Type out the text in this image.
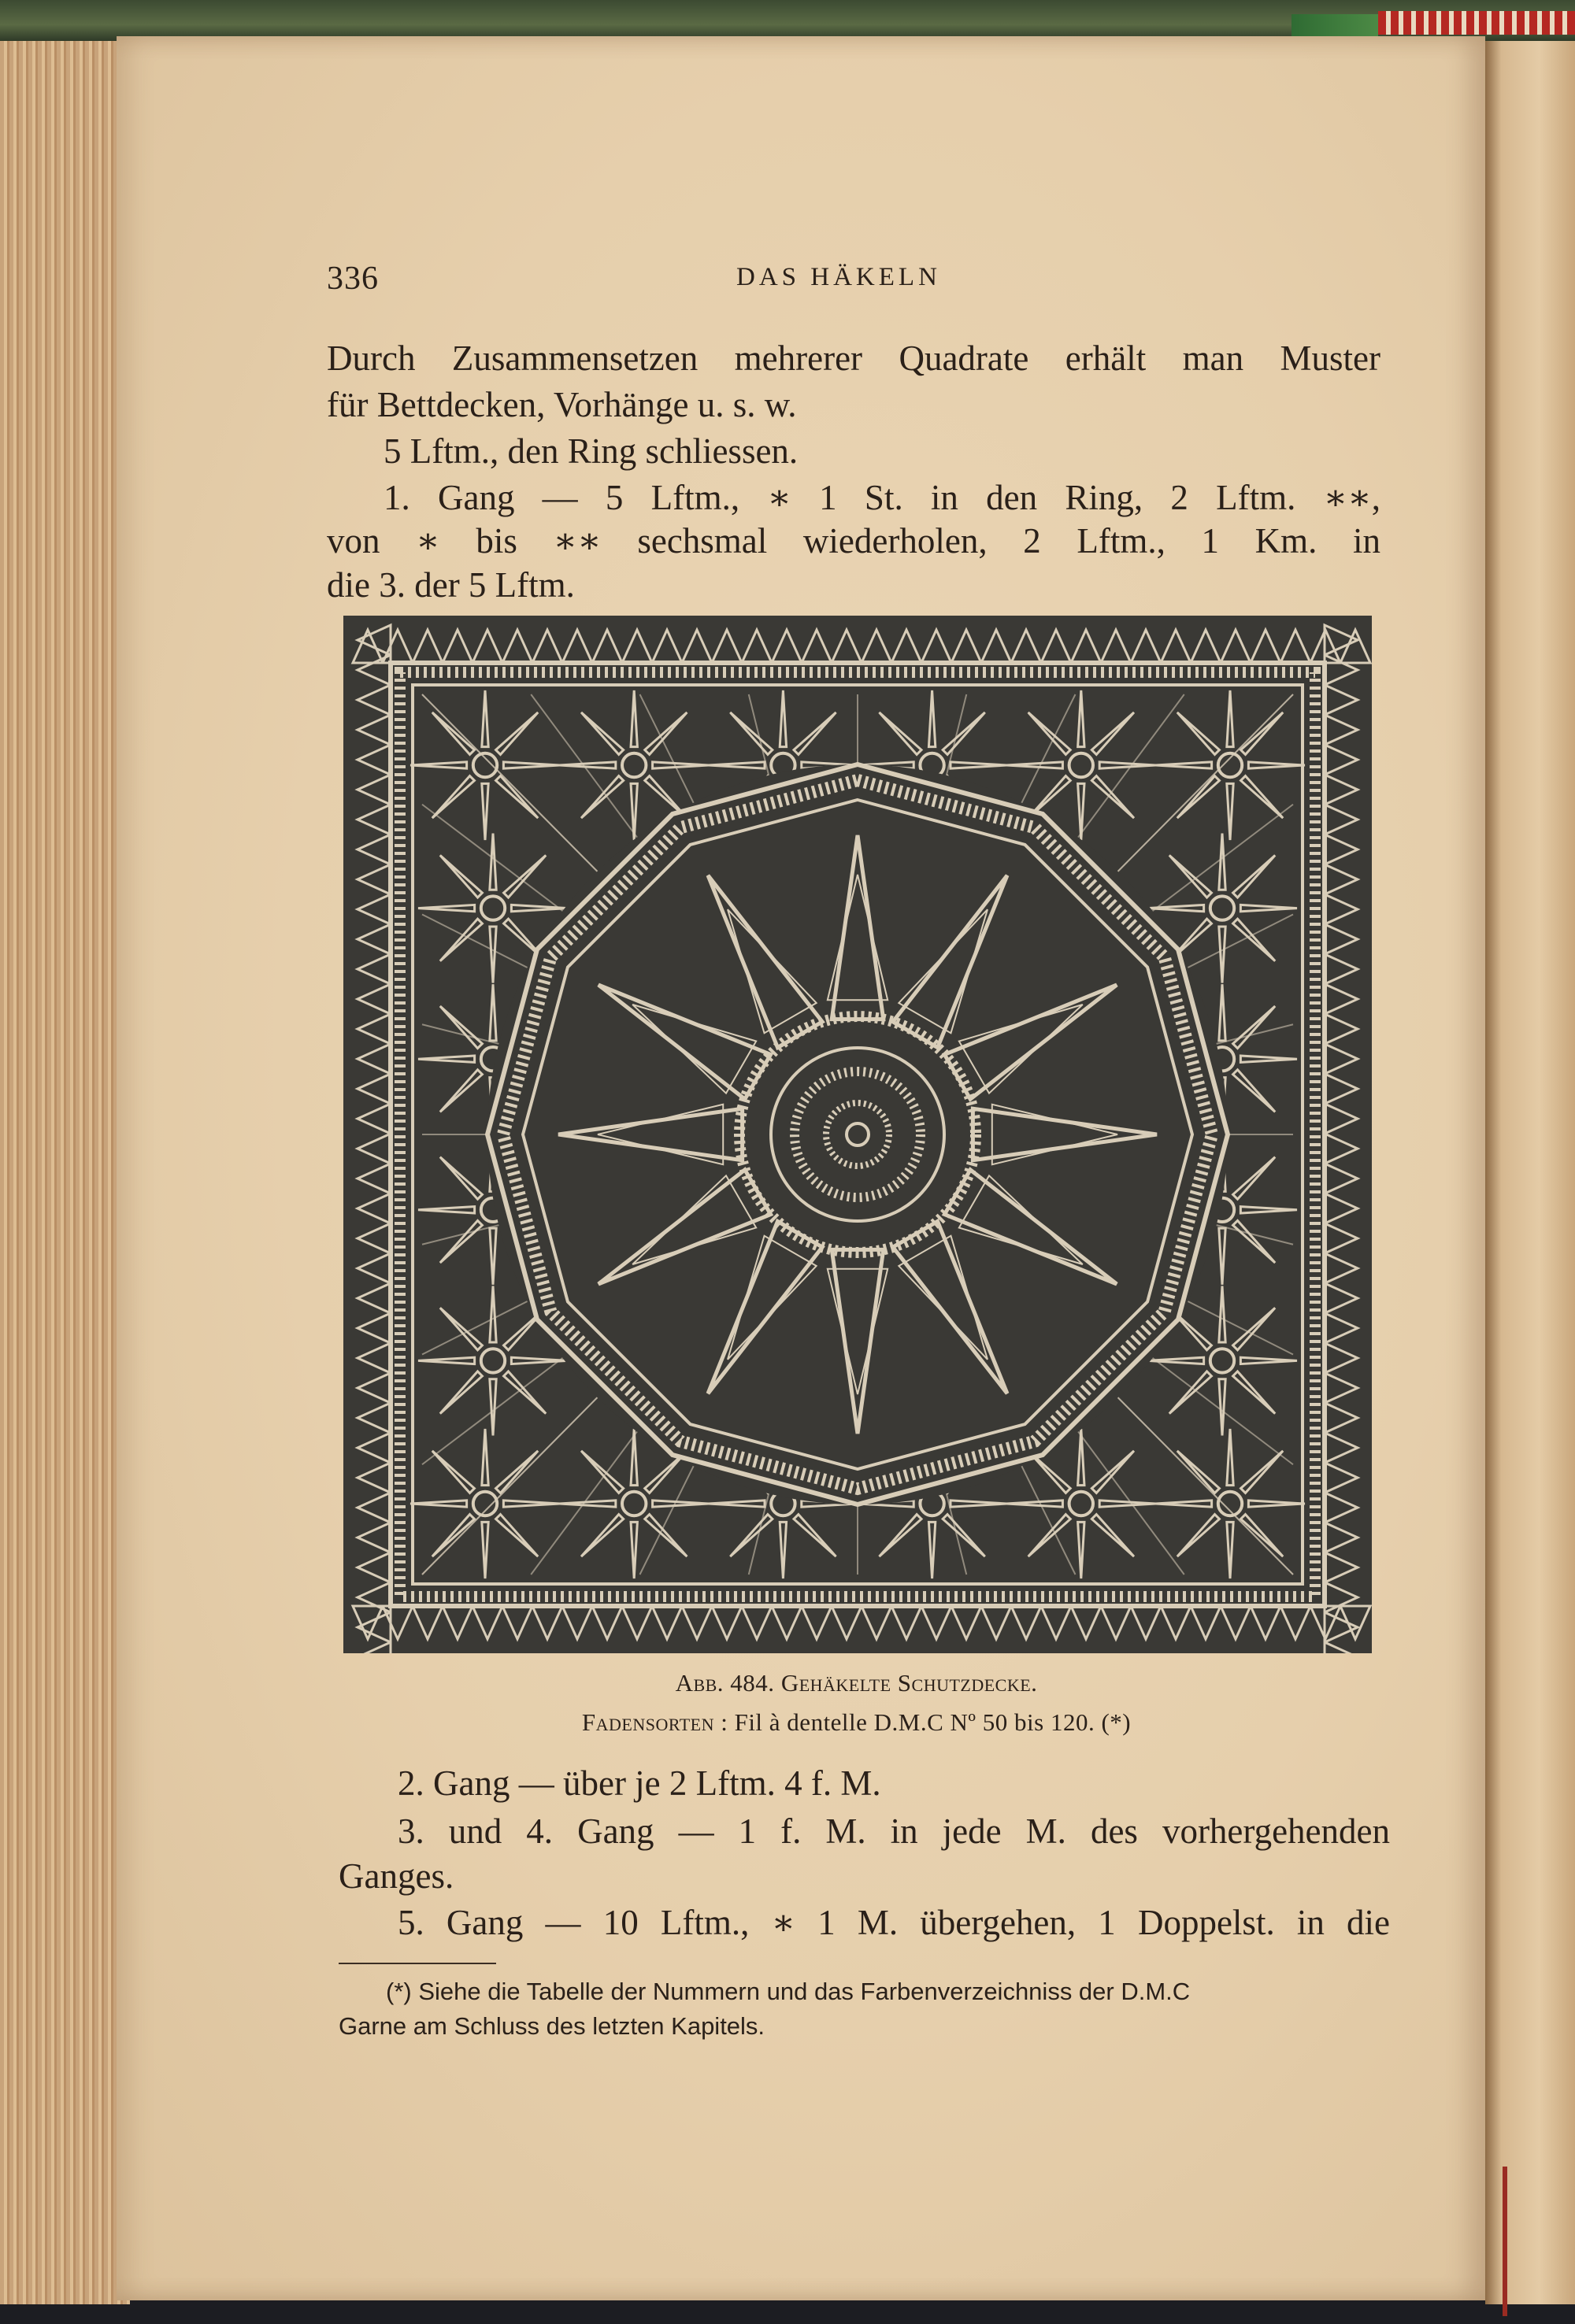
336	DAS HÄKELN
Durch Zusammensetzen mehrerer Quadrate erhält man Muster
für Bettdecken, Vorhänge u. s. w.
5 Lftm., den Ring schliessen.
1. Gang — 5 Lftm., ∗ 1 St. in den Ring, 2 Lftm. ∗∗,
von ∗ bis ∗∗ sechsmal wiederholen, 2 Lftm., 1 Km. in
die 3. der 5 Lftm.
Abb. 484. Gehäkelte Schutzdecke.
Fadensorten : Fil à dentelle D.M.C Nº 50 bis 120. (*)
2. Gang — über je 2 Lftm. 4 f. M.
3. und 4. Gang — 1 f. M. in jede M. des vorhergehenden
Ganges.
5. Gang — 10 Lftm., ∗ 1 M. übergehen, 1 Doppelst. in die
(*) Siehe die Tabelle der Nummern und das Farbenverzeichniss der D.M.C
Garne am Schluss des letzten Kapitels.
